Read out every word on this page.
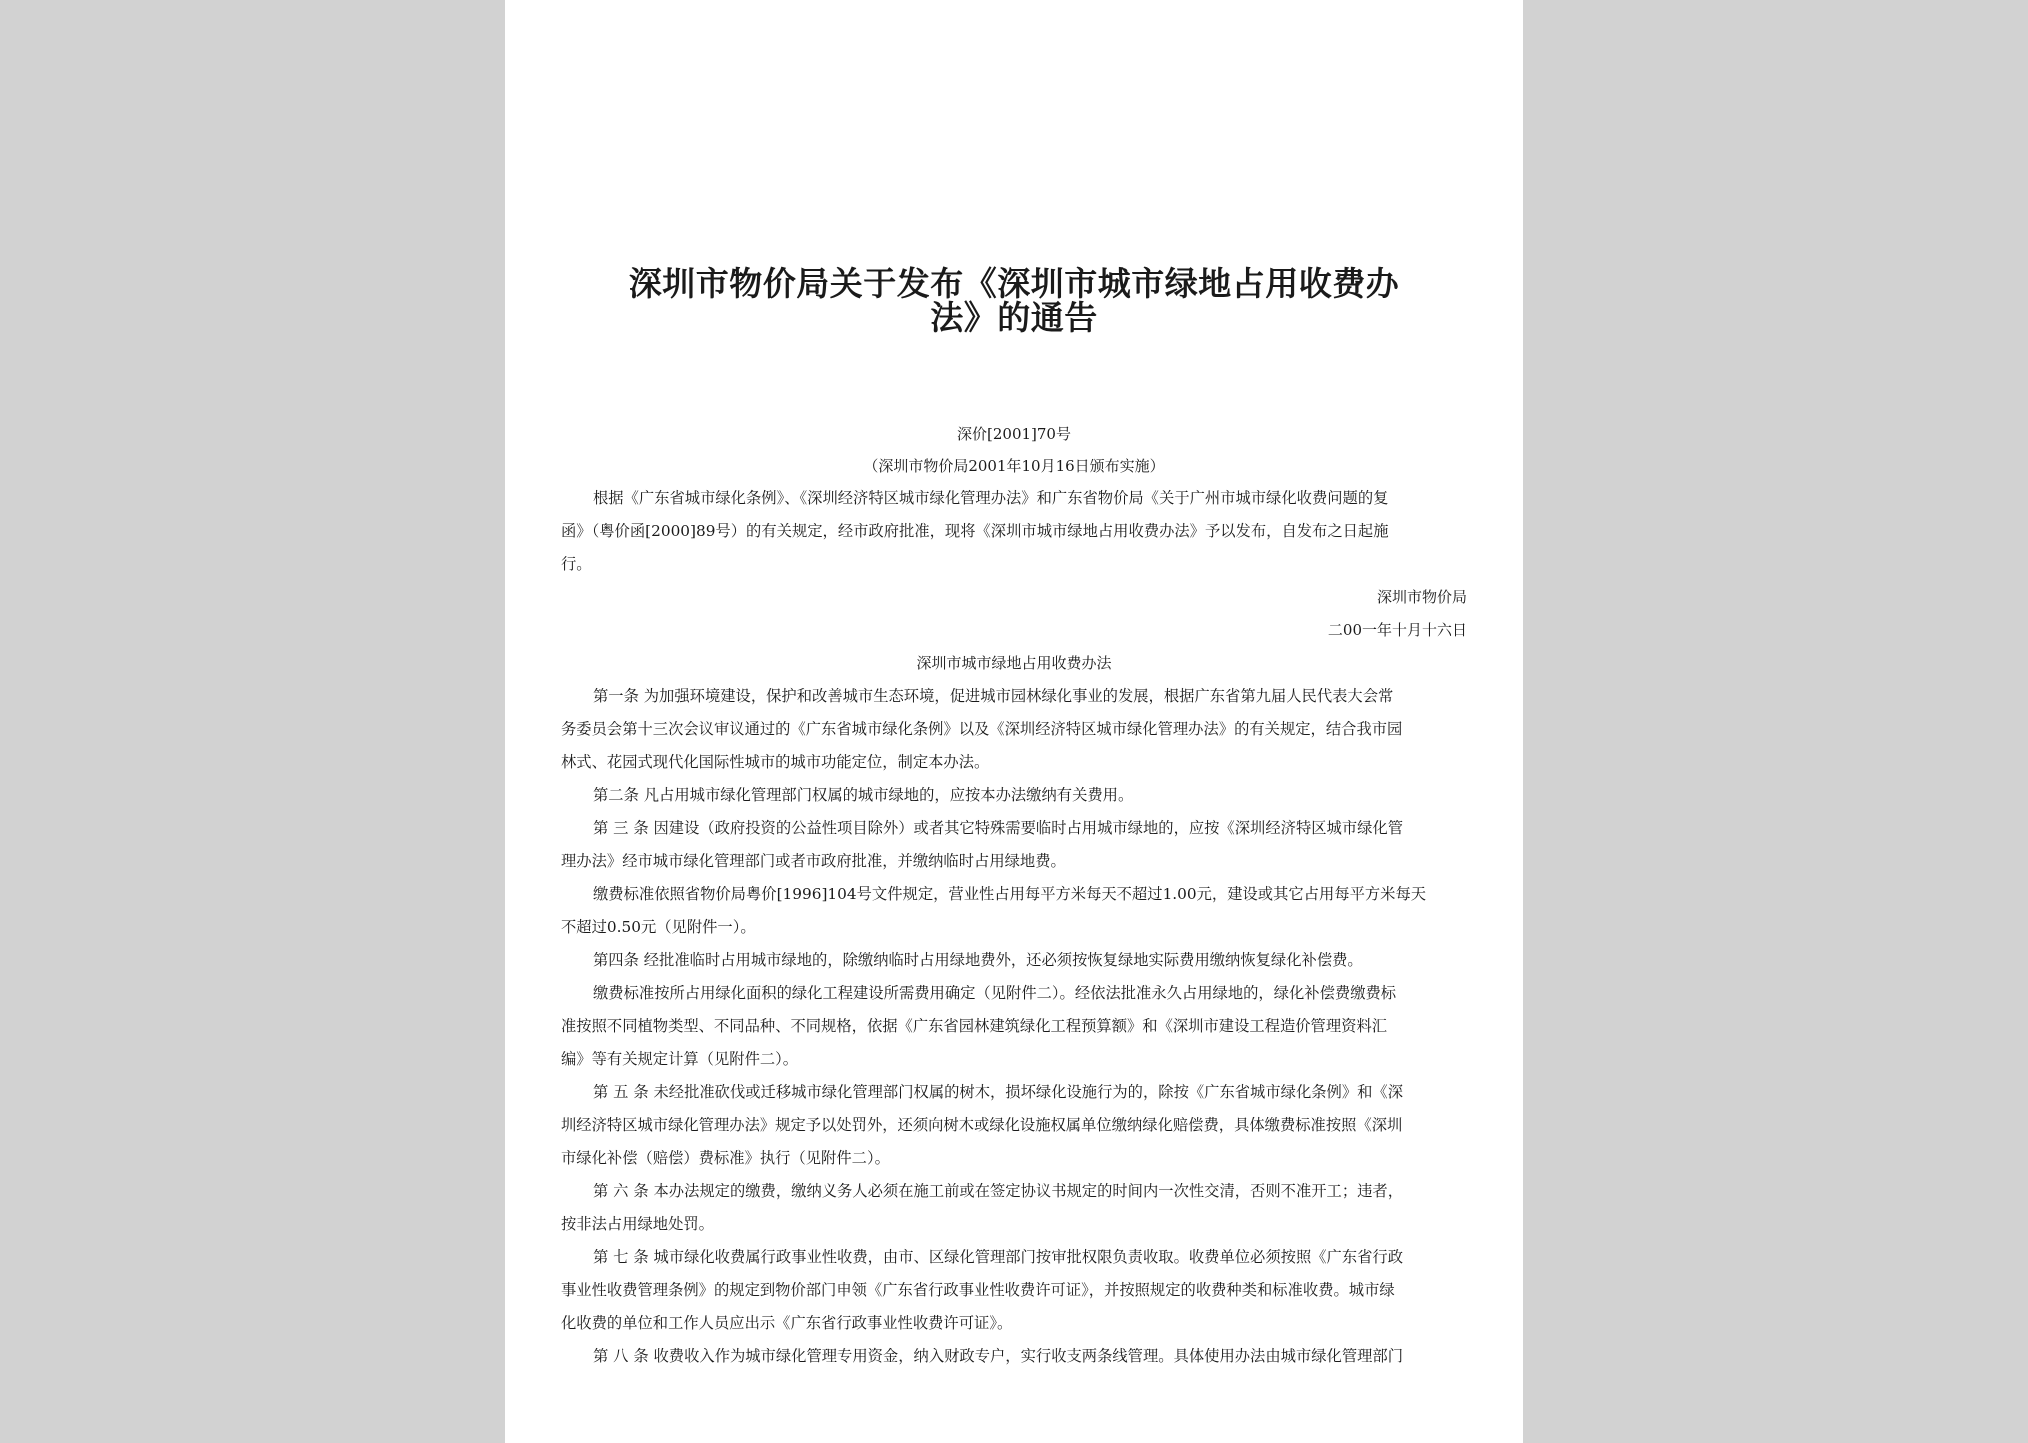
深圳市物价局关于发布《深圳市城市绿地占用收费办
法》的通告
深价[2001]70号
（深圳市物价局2001年10月16日颁布实施）
根据《广东省城市绿化条例》、《深圳经济特区城市绿化管理办法》和广东省物价局《关于广州市城市绿化收费问题的复
函》（粤价函[2000]89号）的有关规定，经市政府批准，现将《深圳市城市绿地占用收费办法》予以发布，自发布之日起施
行。
深圳市物价局
二00一年十月十六日
深圳市城市绿地占用收费办法
第一条 为加强环境建设，保护和改善城市生态环境，促进城市园林绿化事业的发展，根据广东省第九届人民代表大会常
务委员会第十三次会议审议通过的《广东省城市绿化条例》以及《深圳经济特区城市绿化管理办法》的有关规定，结合我市园
林式、花园式现代化国际性城市的城市功能定位，制定本办法。
第二条 凡占用城市绿化管理部门权属的城市绿地的，应按本办法缴纳有关费用。
第 三 条 因建设（政府投资的公益性项目除外）或者其它特殊需要临时占用城市绿地的，应按《深圳经济特区城市绿化管
理办法》经市城市绿化管理部门或者市政府批准，并缴纳临时占用绿地费。
缴费标准依照省物价局粤价[1996]104号文件规定，营业性占用每平方米每天不超过1.00元，建设或其它占用每平方米每天
不超过0.50元（见附件一）。
第四条 经批准临时占用城市绿地的，除缴纳临时占用绿地费外，还必须按恢复绿地实际费用缴纳恢复绿化补偿费。
缴费标准按所占用绿化面积的绿化工程建设所需费用确定（见附件二）。经依法批准永久占用绿地的，绿化补偿费缴费标
准按照不同植物类型、不同品种、不同规格，依据《广东省园林建筑绿化工程预算额》和《深圳市建设工程造价管理资料汇
编》等有关规定计算（见附件二）。
第 五 条 未经批准砍伐或迁移城市绿化管理部门权属的树木，损坏绿化设施行为的，除按《广东省城市绿化条例》和《深
圳经济特区城市绿化管理办法》规定予以处罚外，还须向树木或绿化设施权属单位缴纳绿化赔偿费，具体缴费标准按照《深圳
市绿化补偿（赔偿）费标准》执行（见附件二）。
第 六 条 本办法规定的缴费，缴纳义务人必须在施工前或在签定协议书规定的时间内一次性交清，否则不准开工；违者，
按非法占用绿地处罚。
第 七 条 城市绿化收费属行政事业性收费，由市、区绿化管理部门按审批权限负责收取。收费单位必须按照《广东省行政
事业性收费管理条例》的规定到物价部门申领《广东省行政事业性收费许可证》，并按照规定的收费种类和标准收费。城市绿
化收费的单位和工作人员应出示《广东省行政事业性收费许可证》。
第 八 条 收费收入作为城市绿化管理专用资金，纳入财政专户，实行收支两条线管理。具体使用办法由城市绿化管理部门
